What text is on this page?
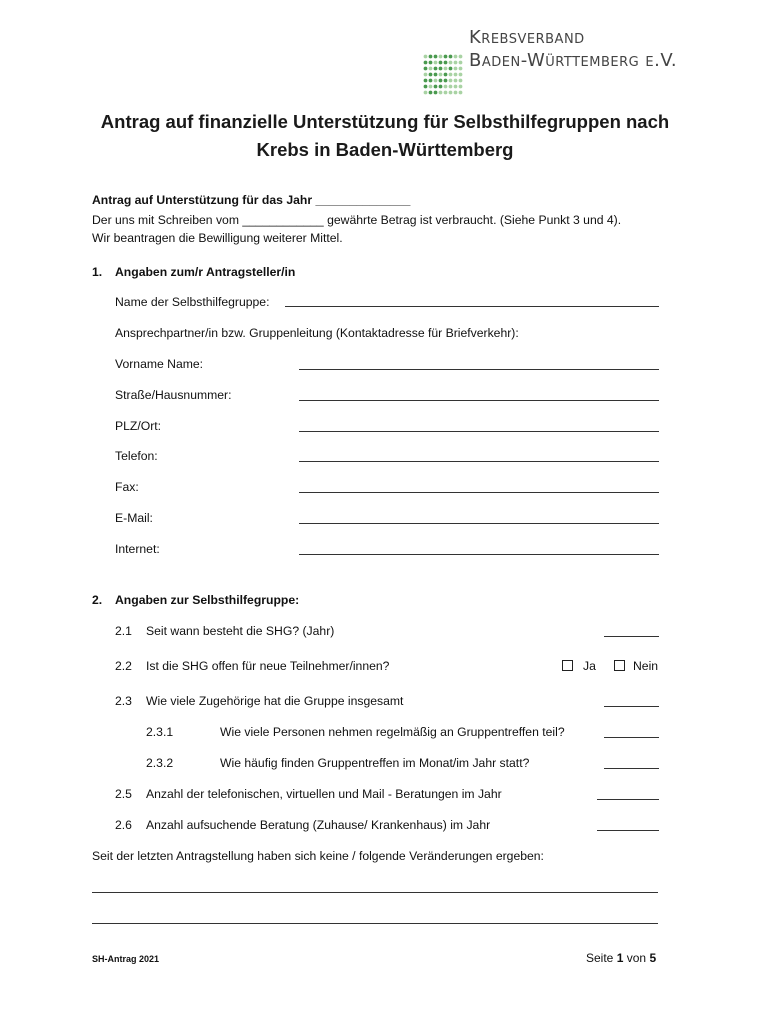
Krebsverband
Baden-Württemberg e.V.
Antrag auf finanzielle Unterstützung für Selbsthilfegruppen nach
Krebs in Baden-Württemberg
Antrag auf Unterstützung für das Jahr ______________
Der uns mit Schreiben vom ____________ gewährte Betrag ist verbraucht. (Siehe Punkt 3 und 4).
Wir beantragen die Bewilligung weiterer Mittel.
1. Angaben zum/r Antragsteller/in
Name der Selbsthilfegruppe:
Ansprechpartner/in bzw. Gruppenleitung (Kontaktadresse für Briefverkehr):
Vorname Name:
Straße/Hausnummer:
PLZ/Ort:
Telefon:
Fax:
E-Mail:
Internet:
2. Angaben zur Selbsthilfegruppe:
2.1 Seit wann besteht die SHG? (Jahr)
2.2 Ist die SHG offen für neue Teilnehmer/innen?	Ja	Nein
2.3 Wie viele Zugehörige hat die Gruppe insgesamt
2.3.1	Wie viele Personen nehmen regelmäßig an Gruppentreffen teil?
2.3.2	Wie häufig finden Gruppentreffen im Monat/im Jahr statt?
2.5 Anzahl der telefonischen, virtuellen und Mail - Beratungen im Jahr
2.6 Anzahl aufsuchende Beratung (Zuhause/ Krankenhaus) im Jahr
Seit der letzten Antragstellung haben sich keine / folgende Veränderungen ergeben:
SH-Antrag 2021	Seite 1 von 5
